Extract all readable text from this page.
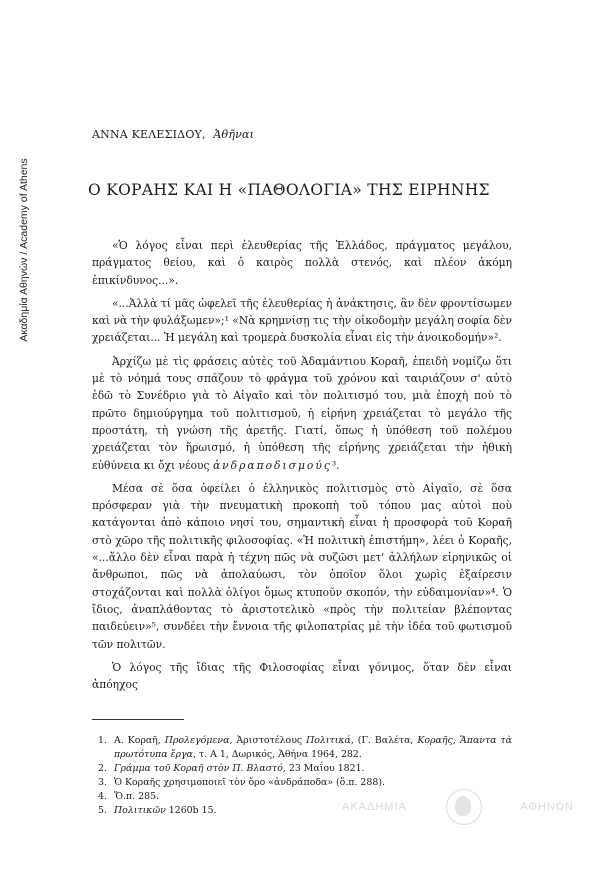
Ακαδημία Αθηνών / Academy of Athens
ΑΝΝΑ ΚΕΛΕΣΙΔΟΥ, Ἀθῆναι
Ο ΚΟΡΑΗΣ ΚΑΙ Η «ΠΑΘΟΛΟΓΙΑ» ΤΗΣ ΕΙΡΗΝΗΣ

«Ὁ λόγος εἶναι περὶ ἐλευθερίας τῆς Ἑλλάδος, πράγματος μεγάλου, πράγματος θείου, καὶ ὁ καιρὸς πολλὰ στενός, καὶ πλέον ἀκόμη ἐπικίνδυνος...».

«...Ἀλλὰ τί μᾶς ὠφελεῖ τῆς ἐλευθερίας ἡ ἀνάκτησις, ἂν δὲν φροντίσωμεν καὶ νὰ τὴν φυλάξωμεν»;¹ «Νὰ κρημνίσῃ τις τὴν οἰκοδομὴν μεγάλη σοφία δὲν χρειάζεται... Ἡ μεγάλη καὶ τρομερὰ δυσκολία εἶναι εἰς τὴν ἀνοικοδομήν»².

Ἀρχίζω μὲ τὶς φράσεις αὐτὲς τοῦ Ἀδαμάντιου Κοραῆ, ἐπειδὴ νομίζω ὅτι μὲ τὸ νόημά τους σπάζουν τὸ φράγμα τοῦ χρόνου καὶ ταιριάζουν σ' αὐτὸ ἐδῶ τὸ Συνέδριο γιὰ τὸ Αἰγαῖο καὶ τὸν πολιτισμό του, μιὰ ἐποχὴ ποὺ τὸ πρῶτο δημιούργημα τοῦ πολιτισμοῦ, ἡ εἰρήνη χρειάζεται τὸ μεγάλο τῆς προστάτη, τὴ γνώση τῆς ἀρετῆς. Γιατί, ὅπως ἡ ὑπόθεση τοῦ πολέμου χρειάζεται τὸν ἥρωισμό, ἡ ὑπόθεση τῆς εἰρήνης χρειάζεται τὴν ἠθικὴ εὐθύνεια κι ὄχι νέους ἀνδραποδισμούς³.

Μέσα σὲ ὅσα ὀφείλει ὁ ἑλληνικὸς πολιτισμὸς στὸ Αἰγαῖο, σὲ ὅσα πρόσφεραν γιὰ τὴν πνευματικὴ προκοπὴ τοῦ τόπου μας αὐτοὶ ποὺ κατάγονται ἀπὸ κάποιο νησί του, σημαντικὴ εἶναι ἡ προσφορὰ τοῦ Κοραῆ στὸ χῶρο τῆς πολιτικῆς φιλοσοφίας. «Ἡ πολιτικὴ ἐπιστήμη», λέει ὁ Κοραῆς, «...ἄλλο δὲν εἶναι παρὰ ἡ τέχνη πῶς νὰ συζῶσι μετ' ἀλλήλων εἰρηνικῶς οἱ ἄνθρωποι, πῶς νὰ ἀπολαύωσι, τὸν ὁποῖον ὅλοι χωρὶς ἐξαίρεσιν στοχάζονται καὶ πολλὰ ὀλίγοι ὅμως κτυποῦν σκοπόν, τὴν εὐδαιμονίαν»⁴. Ὁ ἴδιος, ἀναπλάθοντας τὸ ἀριστοτελικὸ «πρὸς τὴν πολιτείαν βλέποντας παιδεύειν»⁵, συνδέει τὴν ἔννοια τῆς φιλοπατρίας μὲ τὴν ἰδέα τοῦ φωτισμοῦ τῶν πολιτῶν.

Ὁ λόγος τῆς ἴδιας τῆς Φιλοσοφίας εἶναι γόνιμος, ὅταν δὲν εἶναι ἀπόηχος

1. Α. Κοραῆ, Προλεγόμενα, Ἀριστοτέλους Πολιτικά, (Γ. Βαλέτα, Κοραῆς, Ἅπαντα τὰ πρωτότυπα ἔργα, τ. Α 1, Δωρικός, Ἀθήνα 1964, 282.
2. Γράμμα τοῦ Κοραῆ στὸν Π. Βλαστό, 23 Μαΐου 1821.
3. Ὁ Κοραῆς χρησιμοποιεῖ τὸν ὅρο «ἀνδράποδα» (ὅ.π. 288).
4. Ὅ.π. 285.
5. Πολιτικῶν 1260b 15.	ΑΚΑΔΗΜΙΑ	ΑΘΗΝΩΝ
